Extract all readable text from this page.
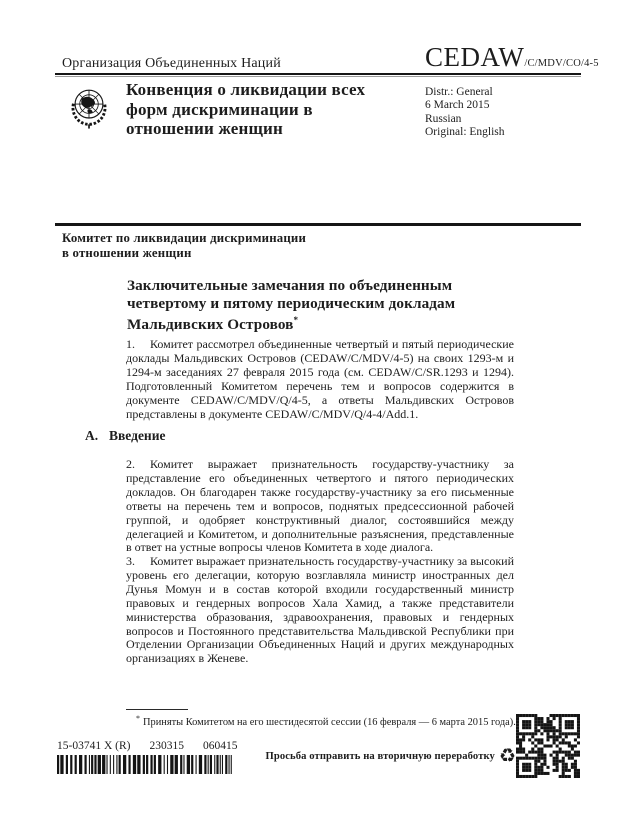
Организация Объединенных Наций	CEDAW /C/MDV/CO/4-5
Конвенция о ликвидации всех
форм дискриминации в
отношении женщин
Distr.: General
6 March 2015
Russian
Original: English
Комитет по ликвидации дискриминации
в отношении женщин
Заключительные замечания по объединенным четвертому и пятому периодическим докладам Мальдивских Островов*

1. Комитет рассмотрел объединенные четвертый и пятый периодические доклады Мальдивских Островов (CEDAW/C/MDV/4-5) на своих 1293-м и 1294-м заседаниях 27 февраля 2015 года (см. CEDAW/C/SR.1293 и 1294). Подготовленный Комитетом перечень тем и вопросов содержится в документе CEDAW/C/MDV/Q/4-5, а ответы Мальдивских Островов представлены в документе CEDAW/C/MDV/Q/4-4/Add.1.

A. Введение

2. Комитет выражает признательность государству-участнику за представление его объединенных четвертого и пятого периодических докладов. Он благодарен также государству-участнику за его письменные ответы на перечень тем и вопросов, поднятых предсессионной рабочей группой, и одобряет конструктивный диалог, состоявшийся между делегацией и Комитетом, и дополнительные разъяснения, представленные в ответ на устные вопросы членов Комитета в ходе диалога.

3. Комитет выражает признательность государству-участнику за высокий уровень его делегации, которую возглавляла министр иностранных дел Дунья Момун и в состав которой входили государственный министр правовых и гендерных вопросов Хала Хамид, а также представители министерства образования, здравоохранения, правовых и гендерных вопросов и Постоянного представительства Мальдивской Республики при Отделении Организации Объединенных Наций и других международных организациях в Женеве.

* Приняты Комитетом на его шестидесятой сессии (16 февраля — 6 марта 2015 года).
15-03741 X (R) 230315 060415
Просьба отправить на вторичную переработку ♻
